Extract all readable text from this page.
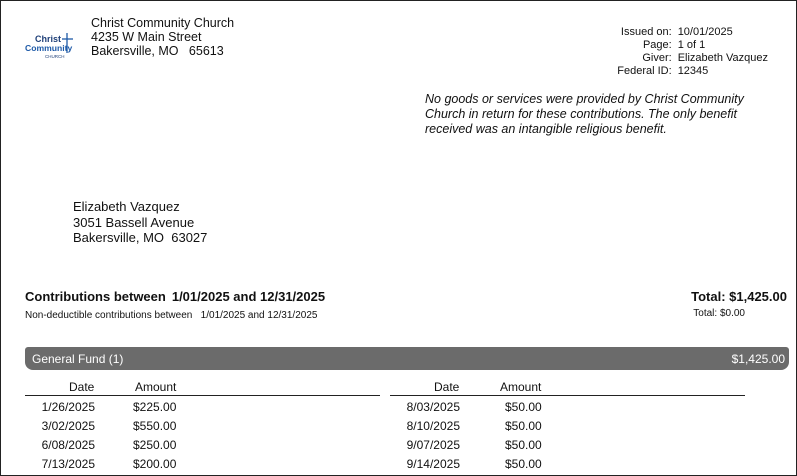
Christ
Community
CHURCH
Christ Community Church
4235 W Main Street
Bakersville, MO   65613
Issued on: 10/01/2025
Page: 1 of 1
Giver: Elizabeth Vazquez
Federal ID: 12345
No goods or services were provided by Christ Community Church in return for these contributions. The only benefit received was an intangible religious benefit.
Elizabeth Vazquez
3051 Bassell Avenue
Bakersville, MO  63027
Contributions between 1/01/2025 and 12/31/2025
Non-deductible contributions between   1/01/2025 and 12/31/2025
Total: $1,425.00
Total: $0.00
General Fund (1)	$1,425.00
Date	Amount
1/26/2025	$225.00
3/02/2025	$550.00
6/08/2025	$250.00
7/13/2025	$200.00
Date	Amount
8/03/2025	$50.00
8/10/2025	$50.00
9/07/2025	$50.00
9/14/2025	$50.00
